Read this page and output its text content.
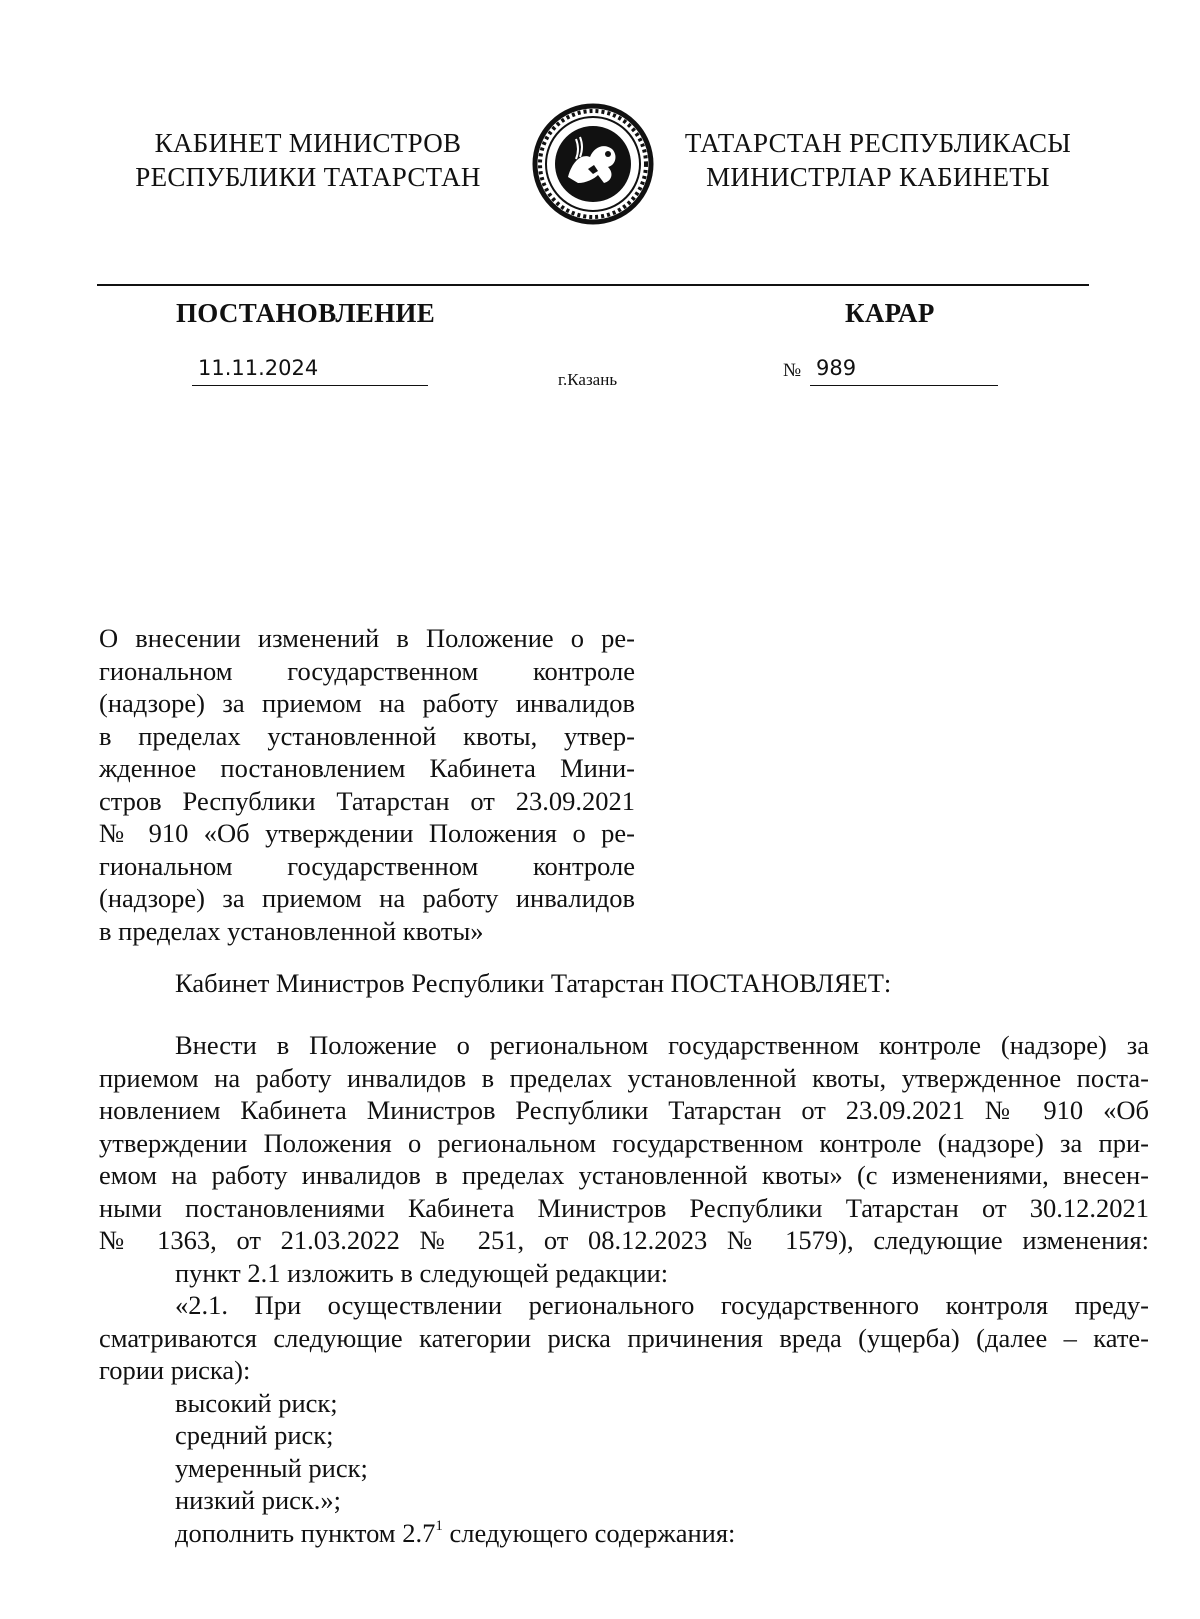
КАБИНЕТ МИНИСТРОВ
РЕСПУБЛИКИ ТАТАРСТАН
ТАТАРСТАН РЕСПУБЛИКАСЫ
МИНИСТРЛАР КАБИНЕТЫ
ПОСТАНОВЛЕНИЕ	КАРАР
11.11.2024	г.Казань	№ 989
О внесении изменений в Положение о ре-
гиональном государственном контроле
(надзоре) за приемом на работу инвалидов
в пределах установленной квоты, утвер-
жденное постановлением Кабинета Мини-
стров Республики Татарстан от 23.09.2021
№ 910 «Об утверждении Положения о ре-
гиональном государственном контроле
(надзоре) за приемом на работу инвалидов
в пределах установленной квоты»
Кабинет Министров Республики Татарстан ПОСТАНОВЛЯЕТ:
Внести в Положение о региональном государственном контроле (надзоре) за
приемом на работу инвалидов в пределах установленной квоты, утвержденное поста-
новлением Кабинета Министров Республики Татарстан от 23.09.2021 № 910 «Об
утверждении Положения о региональном государственном контроле (надзоре) за при-
емом на работу инвалидов в пределах установленной квоты» (с изменениями, внесен-
ными постановлениями Кабинета Министров Республики Татарстан от 30.12.2021
№ 1363, от 21.03.2022 № 251, от 08.12.2023 № 1579), следующие изменения:
пункт 2.1 изложить в следующей редакции:
«2.1. При осуществлении регионального государственного контроля преду-
сматриваются следующие категории риска причинения вреда (ущерба) (далее – кате-
гории риска):
высокий риск;
средний риск;
умеренный риск;
низкий риск.»;
дополнить пунктом $2.7^1$ следующего содержания:
